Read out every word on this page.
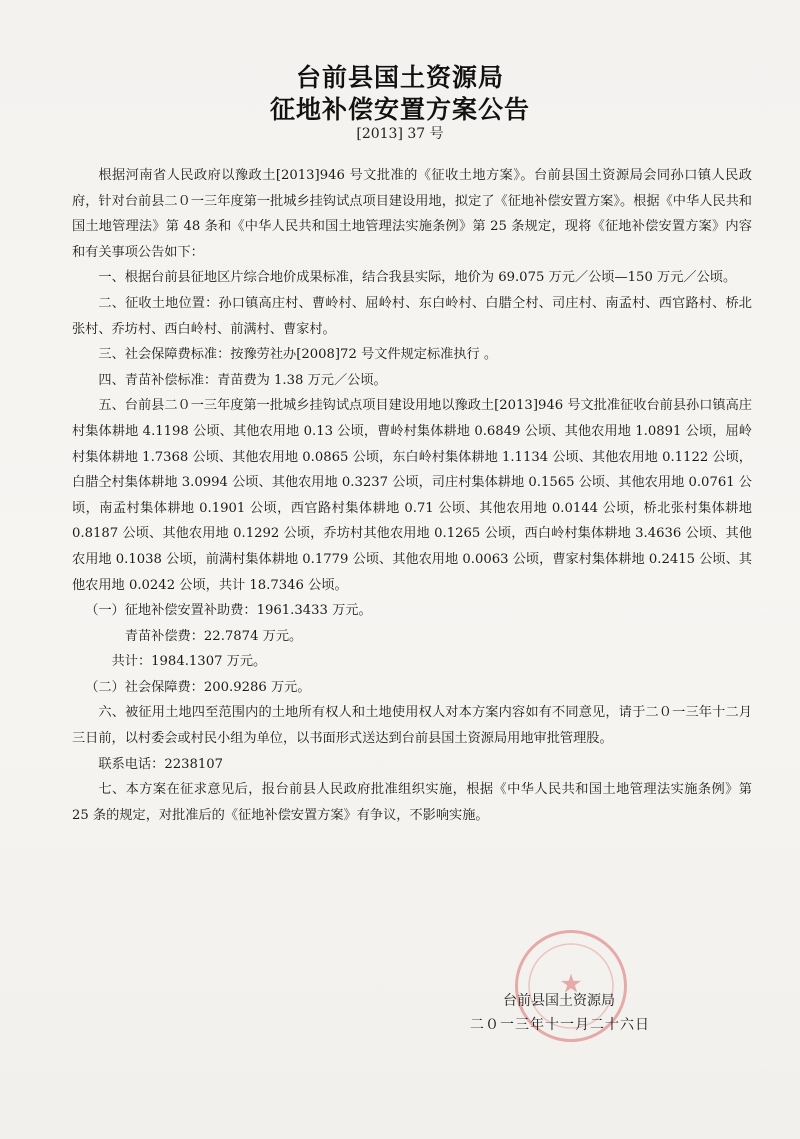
台前县国土资源局
征地补偿安置方案公告
[2013] 37 号

根据河南省人民政府以豫政土[2013]946 号文批准的《征收土地方案》。台前县国土资源局会同孙口镇人民政府，针对台前县二０一三年度第一批城乡挂钩试点项目建设用地，拟定了《征地补偿安置方案》。根据《中华人民共和国土地管理法》第 48 条和《中华人民共和国土地管理法实施条例》第 25 条规定，现将《征地补偿安置方案》内容和有关事项公告如下：

一、根据台前县征地区片综合地价成果标准，结合我县实际，地价为 69.075 万元／公顷—150 万元／公顷。

二、征收土地位置：孙口镇高庄村、曹岭村、屈岭村、东白岭村、白腊仝村、司庄村、南孟村、西官路村、桥北张村、乔坊村、西白岭村、前满村、曹家村。

三、社会保障费标准：按豫劳社办[2008]72 号文件规定标准执行 。

四、青苗补偿标准：青苗费为 1.38 万元／公顷。

五、台前县二０一三年度第一批城乡挂钩试点项目建设用地以豫政土[2013]946 号文批准征收台前县孙口镇高庄村集体耕地 4.1198 公顷、其他农用地 0.13 公顷，曹岭村集体耕地 0.6849 公顷、其他农用地 1.0891 公顷，屈岭村集体耕地 1.7368 公顷、其他农用地 0.0865 公顷，东白岭村集体耕地 1.1134 公顷、其他农用地 0.1122 公顷，白腊仝村集体耕地 3.0994 公顷、其他农用地 0.3237 公顷，司庄村集体耕地 0.1565 公顷、其他农用地 0.0761 公顷，南孟村集体耕地 0.1901 公顷，西官路村集体耕地 0.71 公顷、其他农用地 0.0144 公顷，桥北张村集体耕地 0.8187 公顷、其他农用地 0.1292 公顷，乔坊村其他农用地 0.1265 公顷，西白岭村集体耕地 3.4636 公顷、其他农用地 0.1038 公顷，前满村集体耕地 0.1779 公顷、其他农用地 0.0063 公顷，曹家村集体耕地 0.2415 公顷、其他农用地 0.0242 公顷，共计 18.7346 公顷。

（一）征地补偿安置补助费：1961.3433 万元。

青苗补偿费：22.7874 万元。

共计：1984.1307 万元。

（二）社会保障费：200.9286 万元。

六、被征用土地四至范围内的土地所有权人和土地使用权人对本方案内容如有不同意见，请于二０一三年十二月三日前，以村委会或村民小组为单位，以书面形式送达到台前县国土资源局用地审批管理股。

联系电话：2238107

七、本方案在征求意见后，报台前县人民政府批准组织实施，根据《中华人民共和国土地管理法实施条例》第 25 条的规定，对批准后的《征地补偿安置方案》有争议，不影响实施。

★
台前县国土资源局
二０一三年十一月二十六日
